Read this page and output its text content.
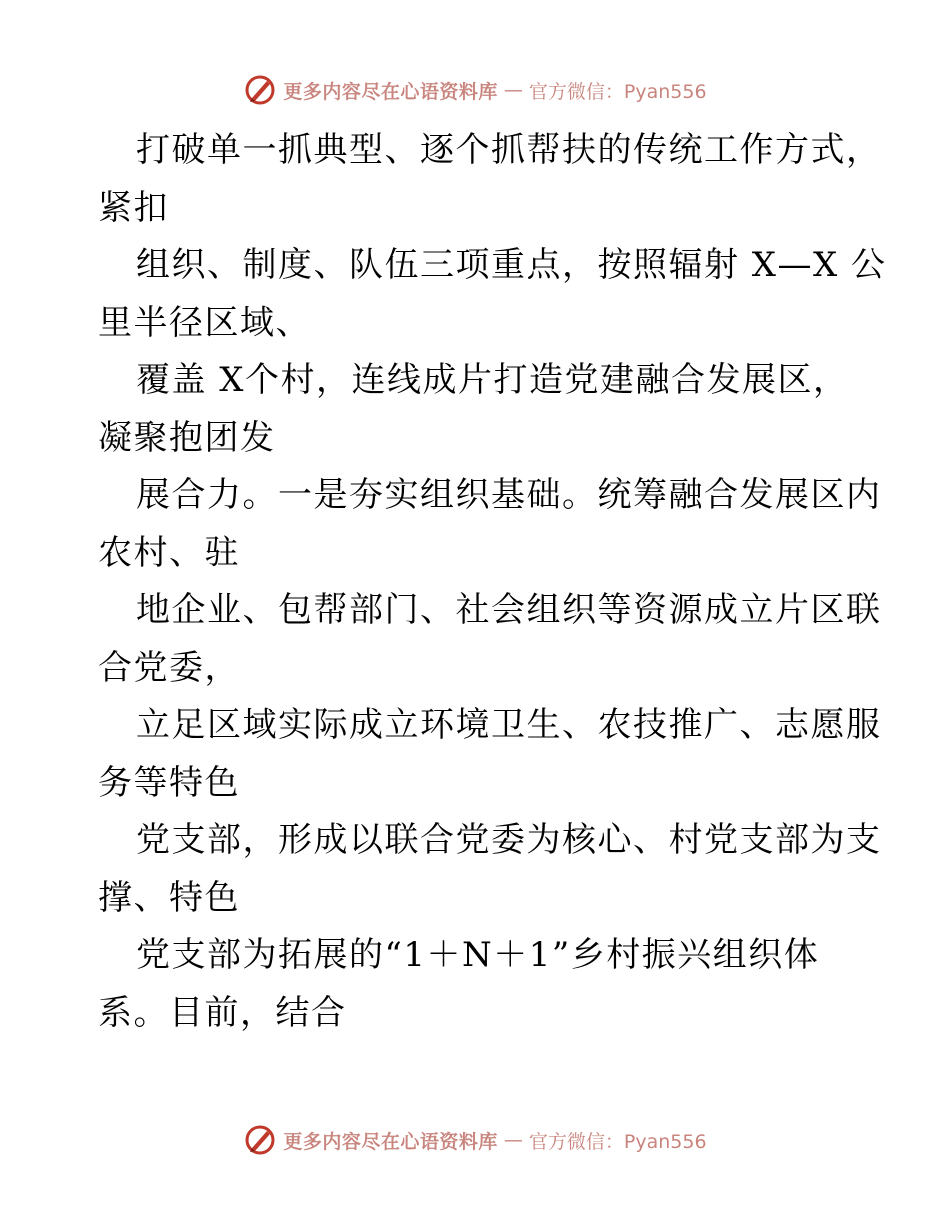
更多内容尽在心语资料库 — 官方微信：Pyan556
打破单一抓典型、逐个抓帮扶的传统工作方式，
紧扣
组织、制度、队伍三项重点，按照辐射 X—X 公
里半径区域、
覆盖 X个村，连线成片打造党建融合发展区，
凝聚抱团发
展合力。一是夯实组织基础。统筹融合发展区内
农村、驻
地企业、包帮部门、社会组织等资源成立片区联
合党委，
立足区域实际成立环境卫生、农技推广、志愿服
务等特色
党支部，形成以联合党委为核心、村党支部为支
撑、特色
党支部为拓展的“1＋N＋1”乡村振兴组织体
系。目前，结合
更多内容尽在心语资料库 — 官方微信：Pyan556
